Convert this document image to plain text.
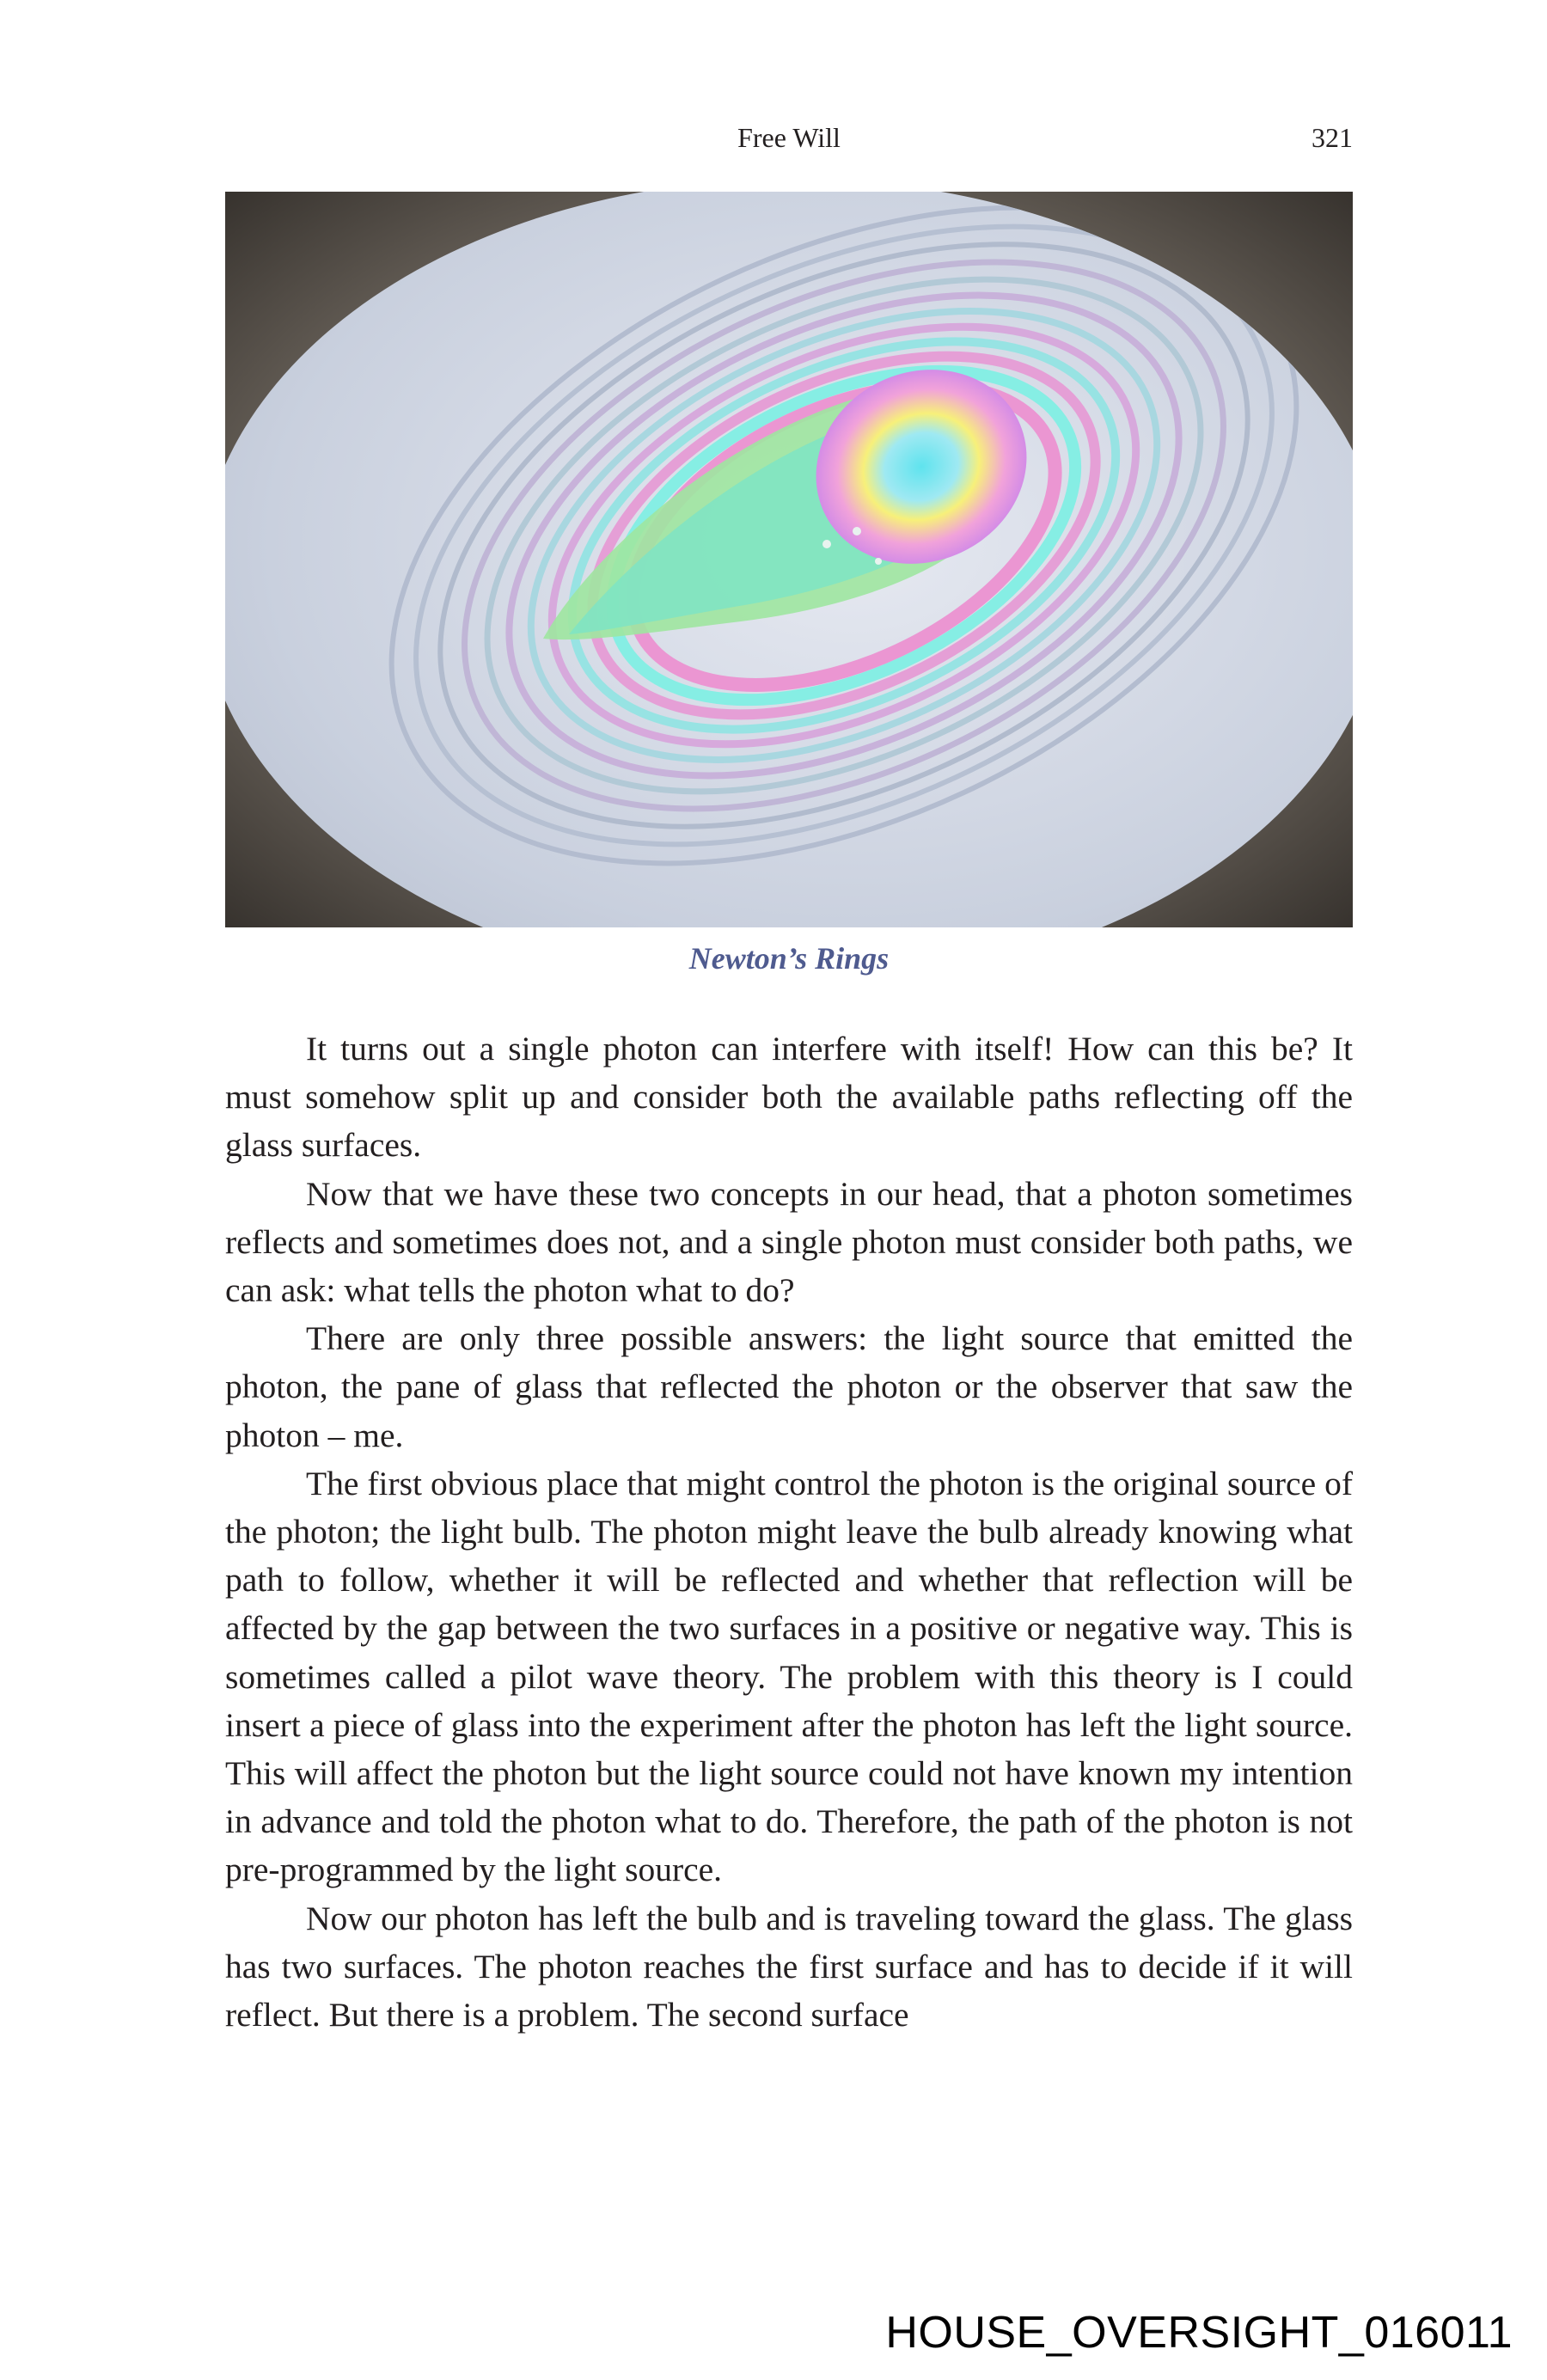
Free Will	321
Newton’s Rings

It turns out a single photon can interfere with itself! How can this be? It must somehow split up and consider both the available paths reflecting off the glass surfaces.

Now that we have these two concepts in our head, that a photon sometimes reflects and sometimes does not, and a single photon must consider both paths, we can ask: what tells the photon what to do?

There are only three possible answers: the light source that emitted the photon, the pane of glass that reflected the photon or the observer that saw the photon – me.

The first obvious place that might control the photon is the original source of the photon; the light bulb. The photon might leave the bulb already knowing what path to follow, whether it will be reflected and whether that reflection will be affected by the gap between the two surfaces in a positive or negative way. This is sometimes called a pilot wave theory. The problem with this theory is I could insert a piece of glass into the experiment after the photon has left the light source. This will affect the photon but the light source could not have known my intention in advance and told the photon what to do. Therefore, the path of the photon is not pre-programmed by the light source.

Now our photon has left the bulb and is traveling toward the glass. The glass has two surfaces. The photon reaches the first surface and has to decide if it will reflect. But there is a problem. The second surface

HOUSE_OVERSIGHT_016011
